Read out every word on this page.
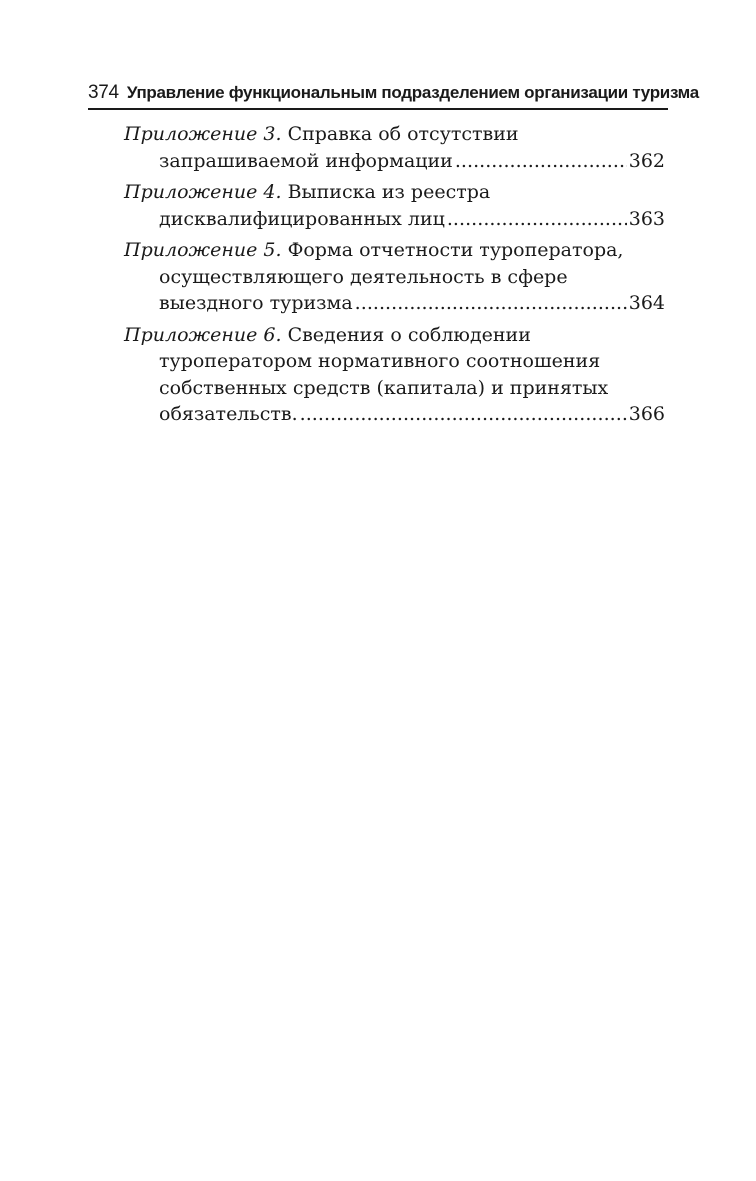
374 Управление функциональным подразделением организации туризма
Приложение 3. Справка об отсутствии
запрашиваемой информации . . .	362
Приложение 4. Выписка из реестра
дисквалифицированных лиц . . .	363
Приложение 5. Форма отчетности туроператора,
осуществляющего деятельность в сфере
выездного туризма . . .	364
Приложение 6. Сведения о соблюдении
туроператором нормативного соотношения
собственных средств (капитала) и принятых
обязательств. . . .	366
